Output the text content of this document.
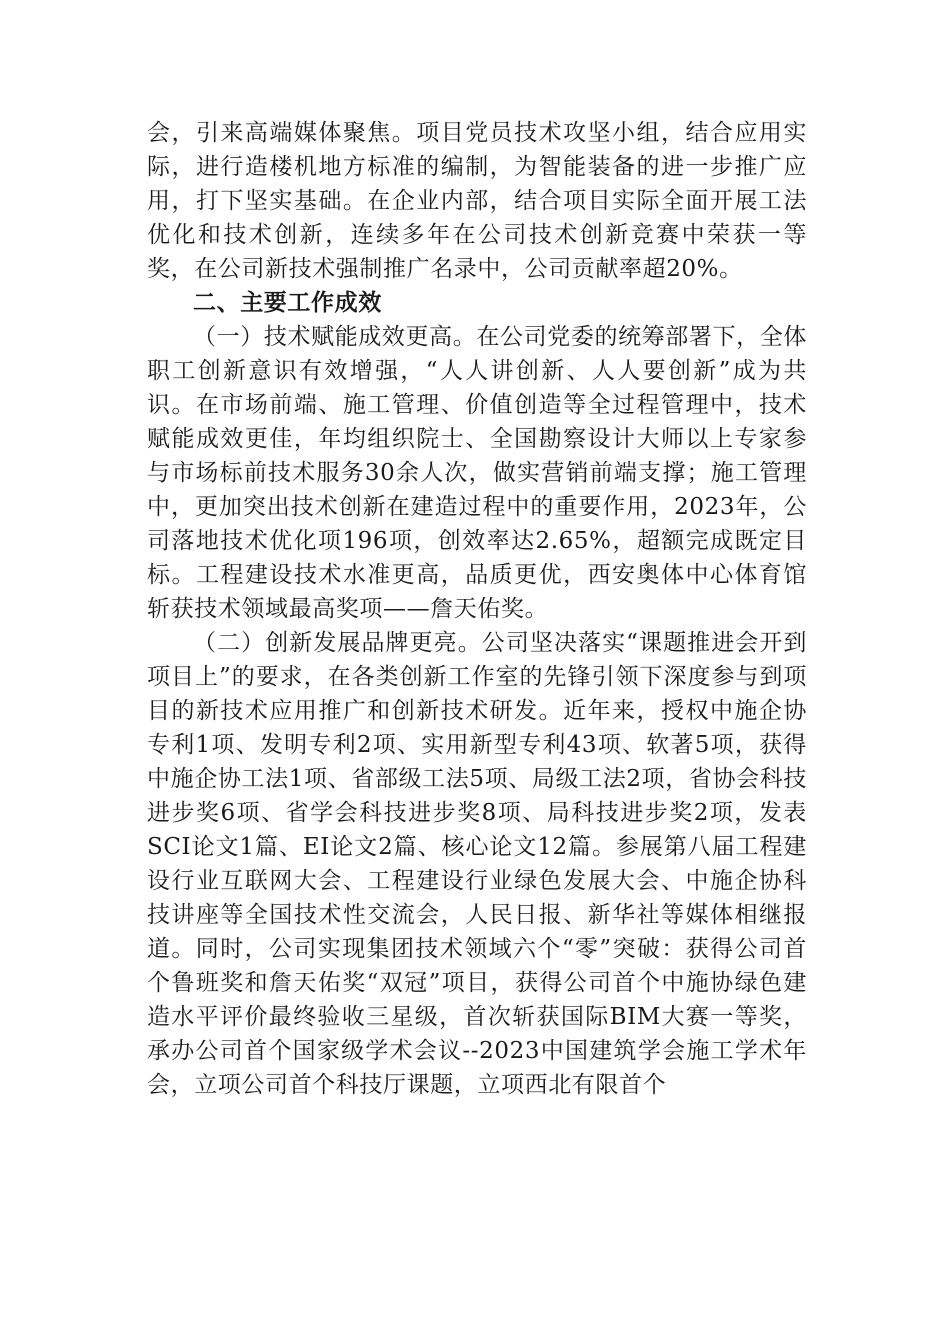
会，引来高端媒体聚焦。项目党员技术攻坚小组，结合应用实际，进行造楼机地方标准的编制，为智能装备的进一步推广应用，打下坚实基础。在企业内部，结合项目实际全面开展工法优化和技术创新，连续多年在公司技术创新竞赛中荣获一等奖，在公司新技术强制推广名录中，公司贡献率超20%。

二、主要工作成效

（一）技术赋能成效更高。在公司党委的统筹部署下，全体职工创新意识有效增强，“人人讲创新、人人要创新”成为共识。在市场前端、施工管理、价值创造等全过程管理中，技术赋能成效更佳，年均组织院士、全国勘察设计大师以上专家参与市场标前技术服务30余人次，做实营销前端支撑；施工管理中，更加突出技术创新在建造过程中的重要作用，2023年，公司落地技术优化项196项，创效率达2.65%，超额完成既定目标。工程建设技术水准更高，品质更优，西安奥体中心体育馆斩获技术领域最高奖项——詹天佑奖。

（二）创新发展品牌更亮。公司坚决落实“课题推进会开到项目上”的要求，在各类创新工作室的先锋引领下深度参与到项目的新技术应用推广和创新技术研发。近年来，授权中施企协专利1项、发明专利2项、实用新型专利43项、软著5项，获得中施企协工法1项、省部级工法5项、局级工法2项，省协会科技进步奖6项、省学会科技进步奖8项、局科技进步奖2项，发表SCI论文1篇、EI论文2篇、核心论文12篇。参展第八届工程建设行业互联网大会、工程建设行业绿色发展大会、中施企协科技讲座等全国技术性交流会，人民日报、新华社等媒体相继报道。同时，公司实现集团技术领域六个“零”突破：获得公司首个鲁班奖和詹天佑奖“双冠”项目，获得公司首个中施协绿色建造水平评价最终验收三星级，首次斩获国际BIM大赛一等奖，承办公司首个国家级学术会议--2023中国建筑学会施工学术年会，立项公司首个科技厅课题，立项西北有限首个
